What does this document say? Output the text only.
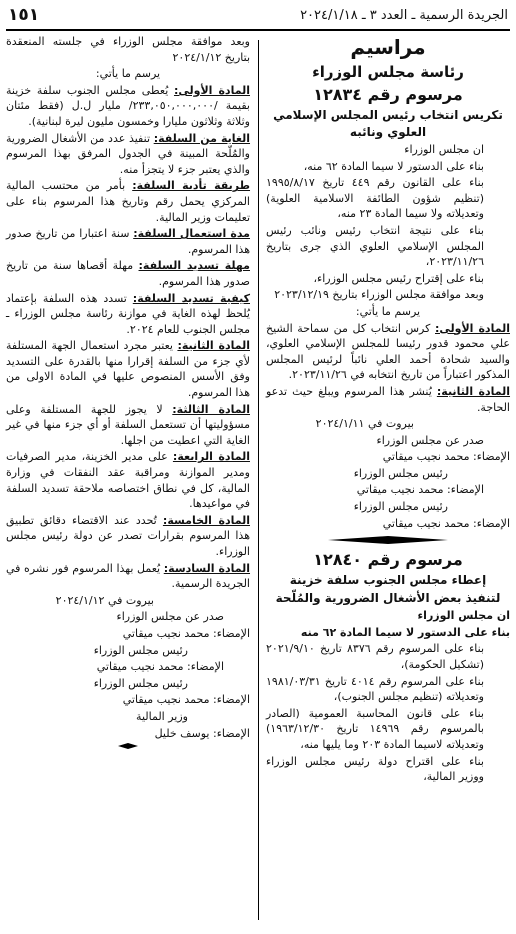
١٥١	الجريدة الرسمية ـ العدد ٣ ـ ٢٠٢٤/١/١٨

مراسيم

رئاسة مجلس الوزراء

مرسوم رقم ١٢٨٣٤

تكريس انتخاب رئيس المجلس الإسلامي العلوي ونائبه

ان مجلس الوزراء

بناء على الدستور لا سيما المادة ٦٢ منه،

بناء على القانون رقم ٤٤٩ تاريخ ١٩٩٥/٨/١٧ (تنظيم شؤون الطائفة الاسلامية العلوية) وتعديلاته ولا سيما المادة ٢٣ منه،

بناء على نتيجة انتخاب رئيس ونائب رئيس المجلس الإسلامي العلوي الذي جرى بتاريخ ٢٠٢٣/١١/٢٦،

بناء على إقتراح رئيس مجلس الوزراء،

وبعد موافقة مجلس الوزراء بتاريخ ٢٠٢٣/١٢/١٩

يرسم ما يأتي:

المادة الأولى: كرس انتخاب كل من سماحة الشيخ علي محمود قدور رئيسا للمجلس الإسلامي العلوي، والسيد شحادة أحمد العلي نائباً لرئيس المجلس المذكور اعتباراً من تاريخ انتخابه في ٢٠٢٣/١١/٢٦.

المادة الثانية: يُنشر هذا المرسوم ويبلغ حيث تدعو الحاجة.

بيروت في ٢٠٢٤/١/١١

صدر عن مجلس الوزراء

الإمضاء: محمد نجيب ميقاتي

رئيس مجلس الوزراء

الإمضاء: محمد نجيب ميقاتي

رئيس مجلس الوزراء

الإمضاء: محمد نجيب ميقاتي

مرسوم رقم ١٢٨٤٠

إعطاء مجلس الجنوب سلفة خزينة

لتنفيذ بعض الأشغال الضرورية والمُلّحة

ان مجلس الوزراء

بناء على الدستور لا سيما المادة ٦٢ منه

بناء على المرسوم رقم ٨٣٧٦ تاريخ ٢٠٢١/٩/١٠ (تشكيل الحكومة)،

بناء على المرسوم رقم ٤٠١٤ تاريخ ١٩٨١/٠٣/٣١ وتعديلاته (تنظيم مجلس الجنوب)،

بناء على قانون المحاسبة العمومية (الصادر بالمرسوم رقم ١٤٩٦٩ تاريخ ١٩٦٣/١٢/٣٠) وتعديلاته لاسيما المادة ٢٠٣ وما يليها منه،

بناء على اقتراح دولة رئيس مجلس الوزراء ووزير المالية،

وبعد موافقة مجلس الوزراء في جلسته المنعقدة بتاريخ ٢٠٢٤/١/١٢

يرسم ما يأتي:

المادة الأولى: يُعطى مجلس الجنوب سلفة خزينة بقيمة /٢٣٣,٠٥٠,٠٠٠,٠٠٠/ مليار ل.ل (فقط مئتان وثلاثة وثلاثون مليارا وخمسون مليون ليرة لبنانية).

الغاية من السلفة: تنفيذ عدد من الأشغال الضرورية والمُلّحة المبينة في الجدول المرفق بهذا المرسوم والذي يعتبر جزء لا يتجزأ منه.

طريقة تأدية السلفة: بأمر من محتسب المالية المركزي يحمل رقم وتاريخ هذا المرسوم بناء على تعليمات وزير المالية.

مدة استعمال السلفة: سنة اعتبارا من تاريخ صدور هذا المرسوم.

مهلة تسديد السلفة: مهلة أقصاها سنة من تاريخ صدور هذا المرسوم.

كيفية تسديد السلفة: تسدد هذه السلفة بإعتماد يُلحظ لهذه الغاية في موازنة رئاسة مجلس الوزراء ـ مجلس الجنوب للعام ٢٠٢٤.

المادة الثانية: يعتبر مجرد استعمال الجهة المستلفة لأي جزء من السلفة إقرارا منها بالقدرة على التسديد وفق الأسس المنصوص عليها في المادة الاولى من هذا المرسوم.

المادة الثالثة: لا يجوز للجهة المستلفة وعلى مسؤوليتها أن تستعمل السلفة أو أي جزء منها في غير الغاية التي اعطيت من اجلها.

المادة الرابعة: على مدير الخزينة، مدير الصرفيات ومدير الموازنة ومراقبة عقد النفقات في وزارة المالية، كل في نطاق اختصاصه ملاحقة تسديد السلفة في مواعيدها.

المادة الخامسة: تُحدد عند الاقتضاء دقائق تطبيق هذا المرسوم بقرارات تصدر عن دولة رئيس مجلس الوزراء.

المادة السادسة: يُعمل بهذا المرسوم فور نشره في الجريدة الرسمية.

بيروت في ٢٠٢٤/١/١٢

صدر عن مجلس الوزراء

الإمضاء: محمد نجيب ميقاتي

رئيس مجلس الوزراء

الإمضاء: محمد نجيب ميقاتي

رئيس مجلس الوزراء

الإمضاء: محمد نجيب ميقاتي

وزير المالية

الإمضاء: يوسف خليل
